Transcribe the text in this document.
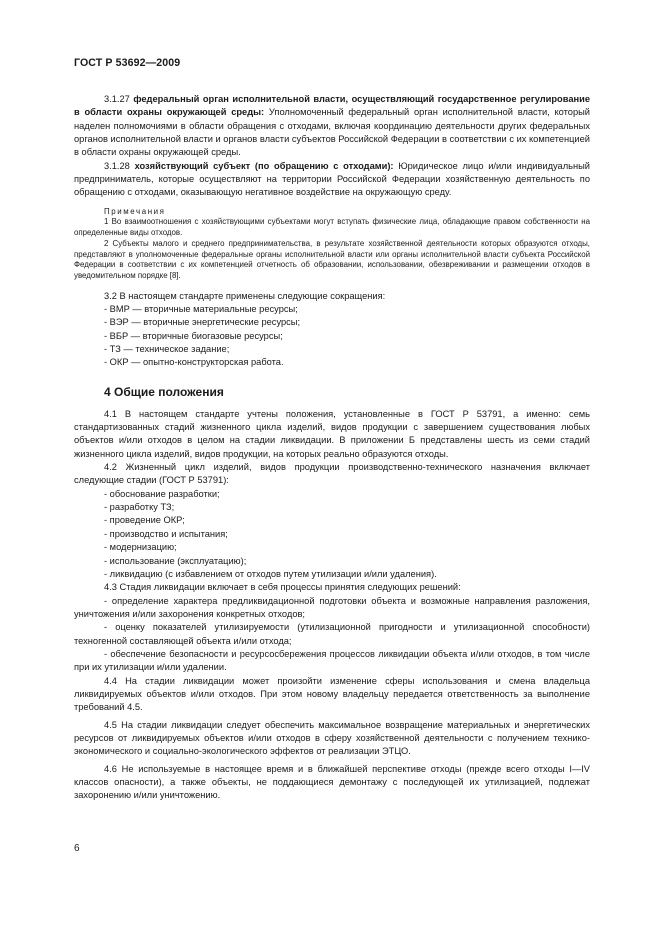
ГОСТ Р 53692—2009

3.1.27 федеральный орган исполнительной власти, осуществляющий государственное регулирование в области охраны окружающей среды: Уполномоченный федеральный орган исполнительной власти, который наделен полномочиями в области обращения с отходами, включая координацию деятельности других федеральных органов исполнительной власти и органов власти субъектов Российской Федерации в соответствии с их компетенцией в области охраны окружающей среды.

3.1.28 хозяйствующий субъект (по обращению с отходами): Юридическое лицо и/или индивидуальный предприниматель, которые осуществляют на территории Российской Федерации хозяйственную деятельность по обращению с отходами, оказывающую негативное воздействие на окружающую среду.

Примечания

1 Во взаимоотношения с хозяйствующими субъектами могут вступать физические лица, обладающие правом собственности на определенные виды отходов.

2 Субъекты малого и среднего предпринимательства, в результате хозяйственной деятельности которых образуются отходы, представляют в уполномоченные федеральные органы исполнительной власти или органы исполнительной власти субъекта Российской Федерации в соответствии с их компетенцией отчетность об образовании, использовании, обезвреживании и размещении отходов в уведомительном порядке [8].

3.2 В настоящем стандарте применены следующие сокращения:

- ВМР — вторичные материальные ресурсы;

- ВЭР — вторичные энергетические ресурсы;

- ВБР — вторичные биогазовые ресурсы;

- ТЗ — техническое задание;

- ОКР — опытно-конструкторская работа.

4 Общие положения

4.1 В настоящем стандарте учтены положения, установленные в ГОСТ Р 53791, а именно: семь стандартизованных стадий жизненного цикла изделий, видов продукции с завершением существования любых объектов и/или отходов в целом на стадии ликвидации. В приложении Б представлены шесть из семи стадий жизненного цикла изделий, видов продукции, на которых реально образуются отходы.

4.2 Жизненный цикл изделий, видов продукции производственно-технического назначения включает следующие стадии (ГОСТ Р 53791):

- обоснование разработки;

- разработку ТЗ;

- проведение ОКР;

- производство и испытания;

- модернизацию;

- использование (эксплуатацию);

- ликвидацию (с избавлением от отходов путем утилизации и/или удаления).

4.3 Стадия ликвидации включает в себя процессы принятия следующих решений:

- определение характера предликвидационной подготовки объекта и возможные направления разложения, уничтожения и/или захоронения конкретных отходов;

- оценку показателей утилизируемости (утилизационной пригодности и утилизационной способности) техногенной составляющей объекта и/или отхода;

- обеспечение безопасности и ресурсосбережения процессов ликвидации объекта и/или отходов, в том числе при их утилизации и/или удалении.

4.4 На стадии ликвидации может произойти изменение сферы использования и смена владельца ликвидируемых объектов и/или отходов. При этом новому владельцу передается ответственность за выполнение требований 4.5.

4.5 На стадии ликвидации следует обеспечить максимальное возвращение материальных и энергетических ресурсов от ликвидируемых объектов и/или отходов в сферу хозяйственной деятельности с получением технико-экономического и социально-экологического эффектов от реализации ЭТЦО.

4.6 Не используемые в настоящее время и в ближайшей перспективе отходы (прежде всего отходы I—IV классов опасности), а также объекты, не поддающиеся демонтажу с последующей их утилизацией, подлежат захоронению и/или уничтожению.

6
